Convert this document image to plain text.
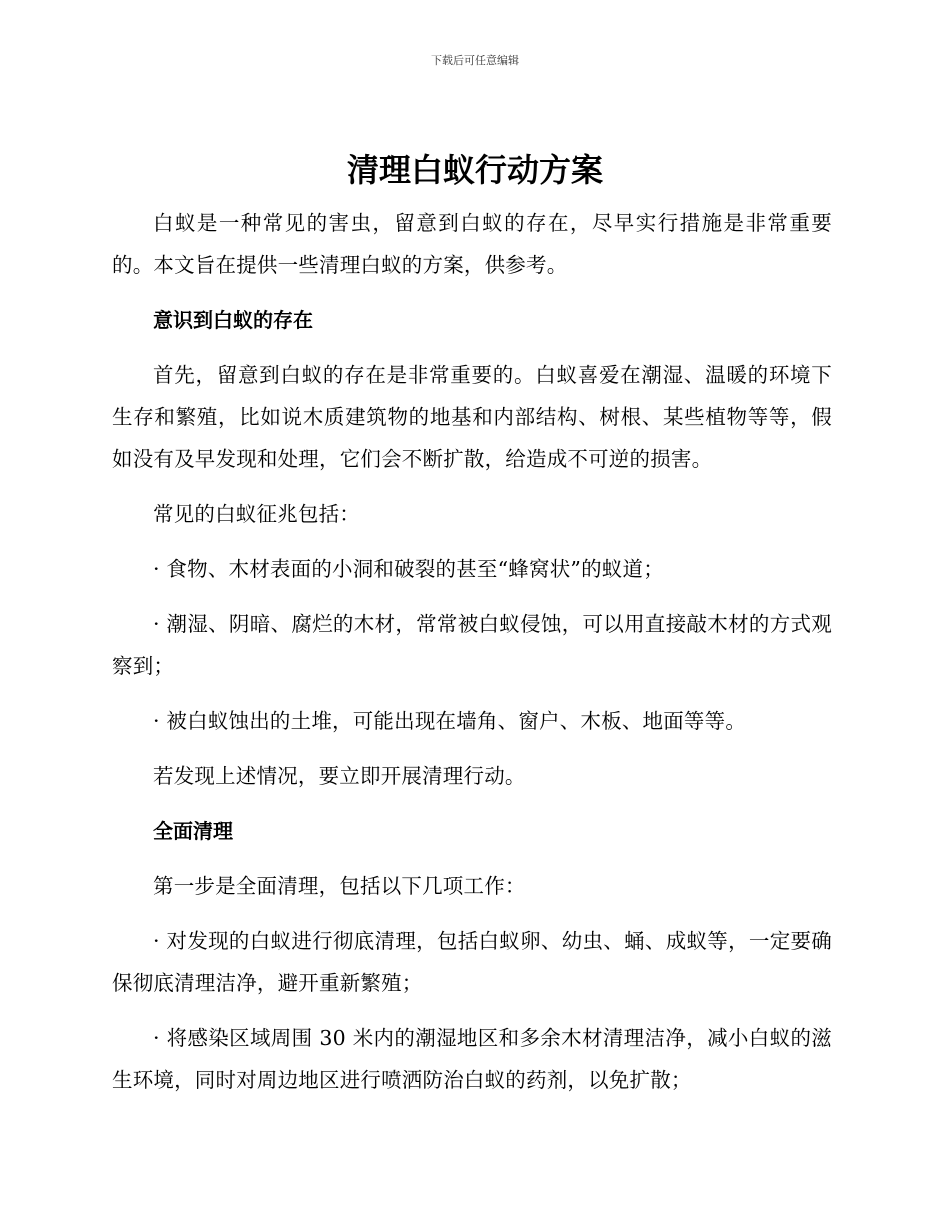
下载后可任意编辑
清理白蚁行动方案

白蚁是一种常见的害虫，留意到白蚁的存在，尽早实行措施是非常重要的。本文旨在提供一些清理白蚁的方案，供参考。

意识到白蚁的存在

首先，留意到白蚁的存在是非常重要的。白蚁喜爱在潮湿、温暖的环境下生存和繁殖，比如说木质建筑物的地基和内部结构、树根、某些植物等等，假如没有及早发现和处理，它们会不断扩散，给造成不可逆的损害。

常见的白蚁征兆包括：

· 食物、木材表面的小洞和破裂的甚至“蜂窝状”的蚁道；

· 潮湿、阴暗、腐烂的木材，常常被白蚁侵蚀，可以用直接敲木材的方式观察到；

· 被白蚁蚀出的土堆，可能出现在墙角、窗户、木板、地面等等。

若发现上述情况，要立即开展清理行动。

全面清理

第一步是全面清理，包括以下几项工作：

· 对发现的白蚁进行彻底清理，包括白蚁卵、幼虫、蛹、成蚁等，一定要确保彻底清理洁净，避开重新繁殖；

· 将感染区域周围 30 米内的潮湿地区和多余木材清理洁净，减小白蚁的滋生环境，同时对周边地区进行喷洒防治白蚁的药剂，以免扩散；
